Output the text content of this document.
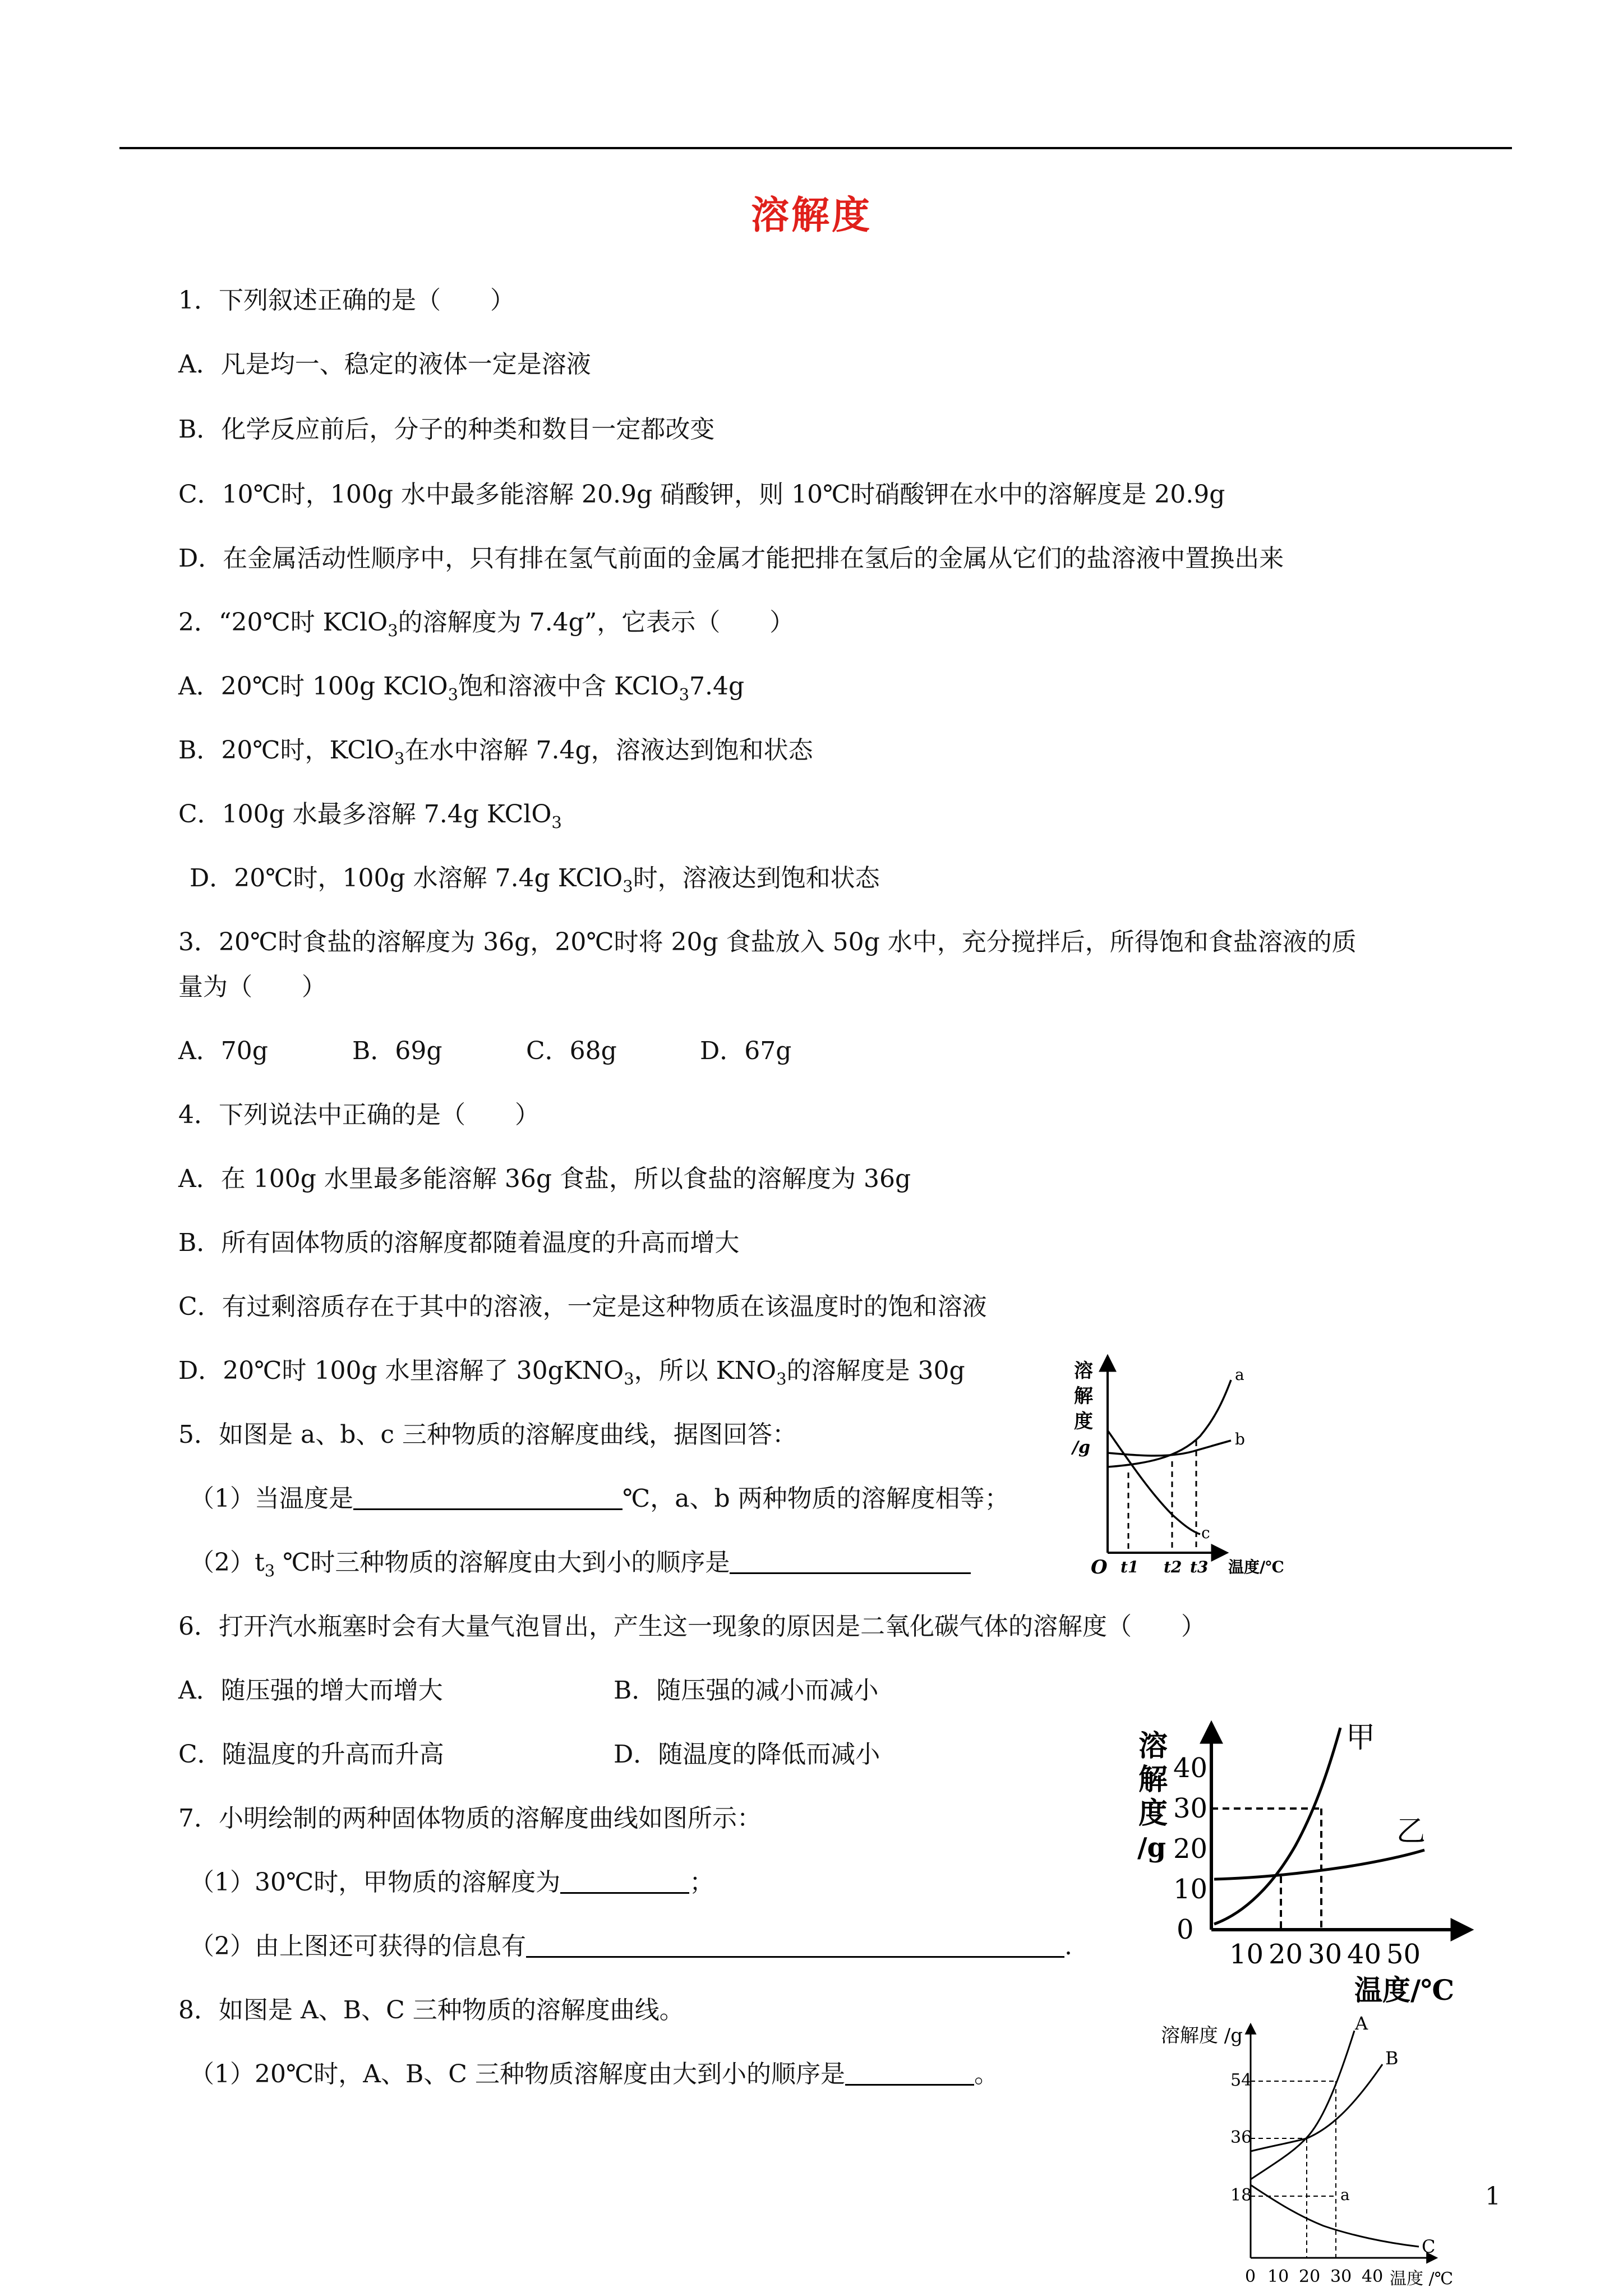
溶解度
1．下列叙述正确的是（　　）
A．凡是均一、稳定的液体一定是溶液
B．化学反应前后，分子的种类和数目一定都改变
C．10℃时，100g 水中最多能溶解 20.9g 硝酸钾，则 10℃时硝酸钾在水中的溶解度是 20.9g
D．在金属活动性顺序中，只有排在氢气前面的金属才能把排在氢后的金属从它们的盐溶液中置换出来
2．“20℃时 KClO$_3$的溶解度为 7.4g”，它表示（　　）
A．20℃时 100g KClO$_3$饱和溶液中含 KClO$_3$7.4g
B．20℃时，KClO$_3$在水中溶解 7.4g，溶液达到饱和状态
C．100g 水最多溶解 7.4g KClO$_3$
D．20℃时，100g 水溶解 7.4g KClO$_3$时，溶液达到饱和状态
3．20℃时食盐的溶解度为 36g，20℃时将 20g 食盐放入 50g 水中，充分搅拌后，所得饱和食盐溶液的质
量为（　　）
A．70g	B．69g	C．68g	D．67g
4．下列说法中正确的是（　　）
A．在 100g 水里最多能溶解 36g 食盐，所以食盐的溶解度为 36g
B．所有固体物质的溶解度都随着温度的升高而增大
C．有过剩溶质存在于其中的溶液，一定是这种物质在该温度时的饱和溶液
D．20℃时 100g 水里溶解了 30gKNO$_3$，所以 $KNO_3$的溶解度是 30g
5．如图是 a、b、c 三种物质的溶解度曲线，据图回答：
（1）当温度是	℃，a、b 两种物质的溶解度相等；
$(2)t_3$ ℃时三种物质的溶解度由大到小的顺序是
6．打开汽水瓶塞时会有大量气泡冒出，产生这一现象的原因是二氧化碳气体的溶解度（　　）
A．随压强的增大而增大	B．随压强的减小而减小
C．随温度的升高而升高	D．随温度的降低而减小
7．小明绘制的两种固体物质的溶解度曲线如图所示：
（1）30℃时，甲物质的溶解度为	；
（2）由上图还可获得的信息有	.
8．如图是 A、B、C 三种物质的溶解度曲线。
（1）20℃时，A、B、C 三种物质溶解度由大到小的顺序是	。
1
溶
解
度
/g
O t1 t2 t3 温度/℃
a
b
c
溶
解
度
/g
0
10
20
30
40
10 20 30 40 50
温度/℃
甲
乙
溶解度 /g
18
36
54
0 10 20 30 40 温度 /℃
A
B
C
a
